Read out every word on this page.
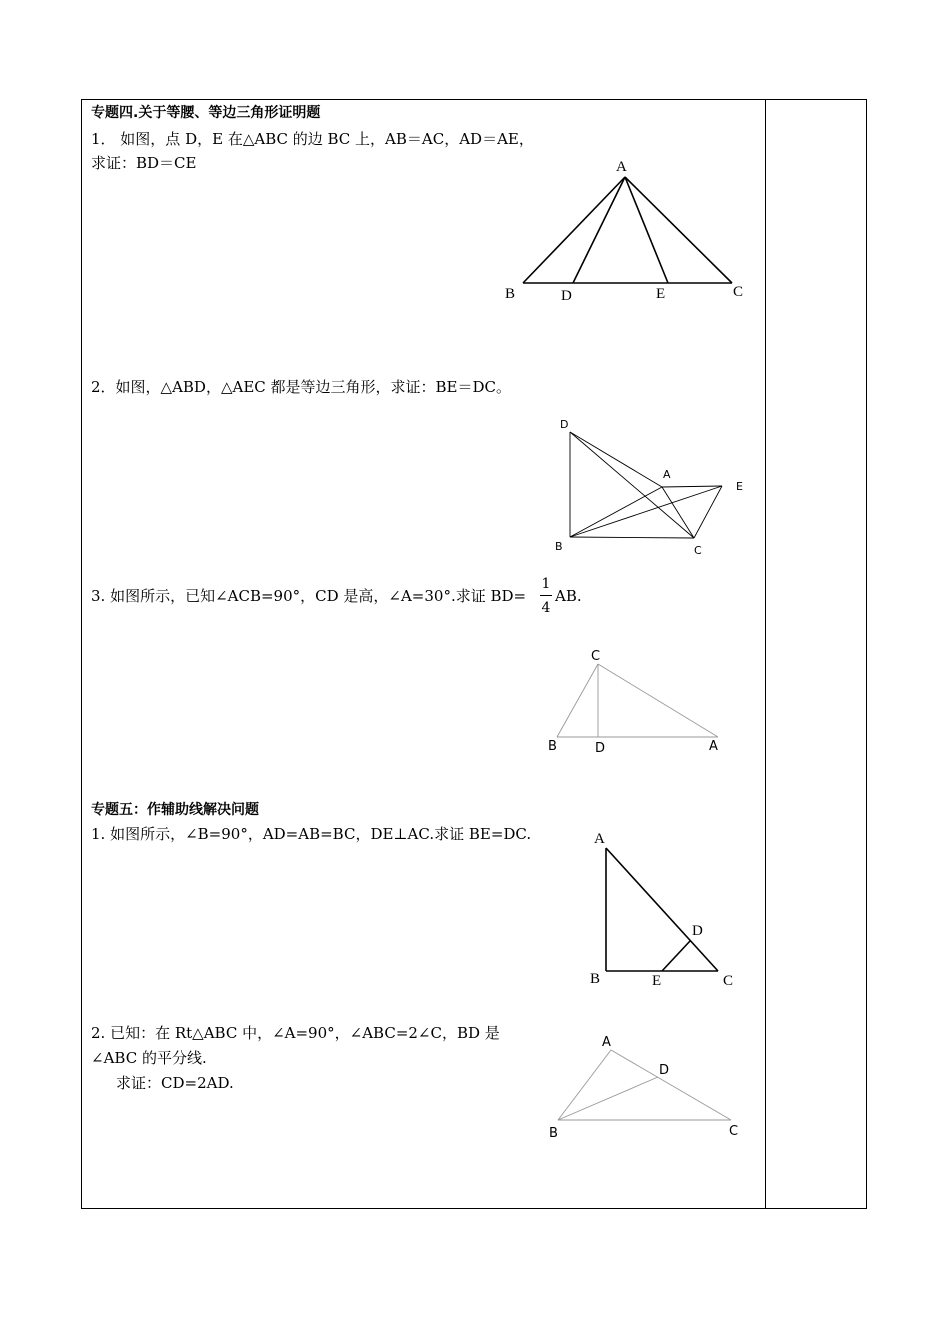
专题四.关于等腰、等边三角形证明题
1． 如图，点 D，E 在△ABC 的边 BC 上，AB＝AC，AD＝AE，
求证：BD＝CE	A
B	D	E	C
2．如图，△ABD，△AEC 都是等边三角形，求证：BE＝DC。
D
A
E
B	C
3. 如图所示，已知∠ACB=90°，CD 是高，∠A=30°.求证 BD=
1
4
AB.
C
B	D	A
专题五：作辅助线解决问题
1. 如图所示，∠B=90°，AD=AB=BC，DE⊥AC.求证 BE=DC.	A
D
B	E	C
2. 已知：在 Rt△ABC 中，∠A=90°，∠ABC=2∠C，BD 是
∠ABC 的平分线.
求证：CD=2AD.
A
D
B	C
